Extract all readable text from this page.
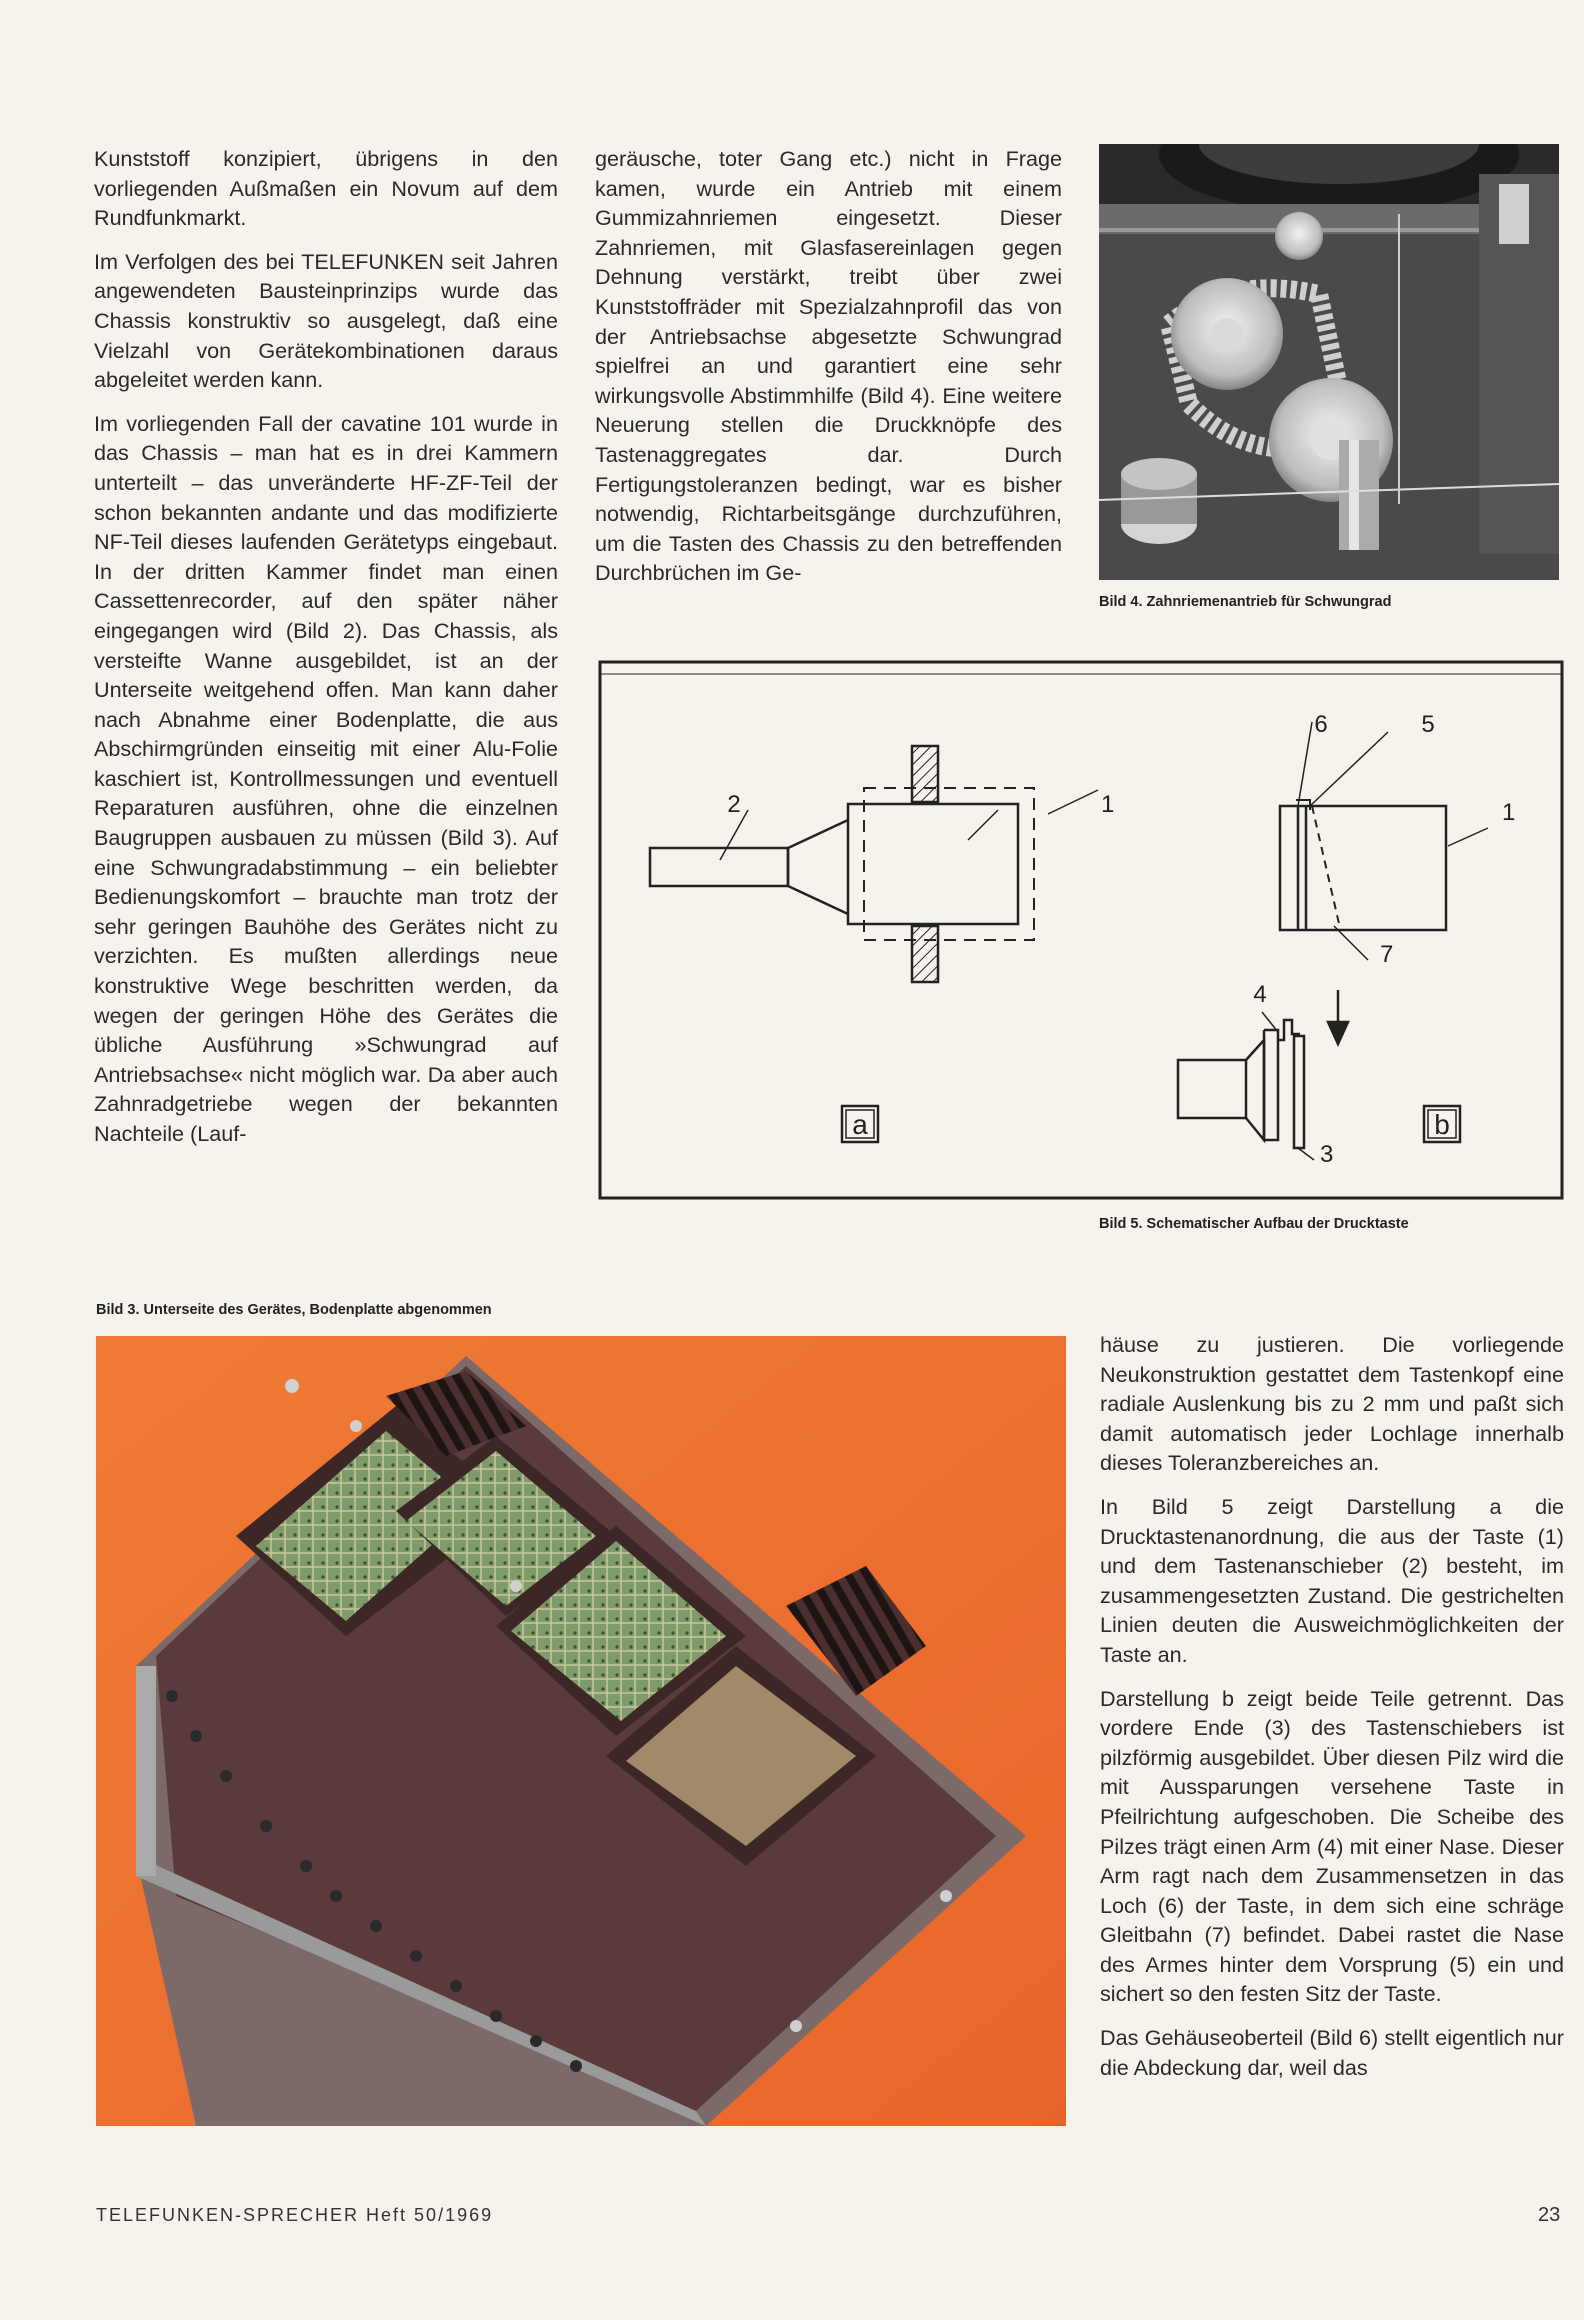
Kunststoff konzipiert, übrigens in den vorliegenden Außmaßen ein Novum auf dem Rundfunkmarkt.

Im Verfolgen des bei TELEFUNKEN seit Jahren angewendeten Bausteinprinzips wurde das Chassis konstruktiv so ausgelegt, daß eine Vielzahl von Gerätekombinationen daraus abgeleitet werden kann.

Im vorliegenden Fall der cavatine 101 wurde in das Chassis – man hat es in drei Kammern unterteilt – das unveränderte HF-ZF-Teil der schon bekannten andante und das modifizierte NF-Teil dieses laufenden Gerätetyps eingebaut. In der dritten Kammer findet man einen Cassettenrecorder, auf den später näher eingegangen wird (Bild 2). Das Chassis, als versteifte Wanne ausgebildet, ist an der Unterseite weitgehend offen. Man kann daher nach Abnahme einer Bodenplatte, die aus Abschirmgründen einseitig mit einer Alu-Folie kaschiert ist, Kontrollmessungen und eventuell Reparaturen ausführen, ohne die einzelnen Baugruppen ausbauen zu müssen (Bild 3). Auf eine Schwungradabstimmung – ein beliebter Bedienungskomfort – brauchte man trotz der sehr geringen Bauhöhe des Gerätes nicht zu verzichten. Es mußten allerdings neue konstruktive Wege beschritten werden, da wegen der geringen Höhe des Gerätes die übliche Ausführung »Schwungrad auf Antriebsachse« nicht möglich war. Da aber auch Zahnradgetriebe wegen der bekannten Nachteile (Lauf-

geräusche, toter Gang etc.) nicht in Frage kamen, wurde ein Antrieb mit einem Gummizahnriemen eingesetzt. Dieser Zahnriemen, mit Glasfasereinlagen gegen Dehnung verstärkt, treibt über zwei Kunststoffräder mit Spezialzahnprofil das von der Antriebsachse abgesetzte Schwungrad spielfrei an und garantiert eine sehr wirkungsvolle Abstimmhilfe (Bild 4). Eine weitere Neuerung stellen die Druckknöpfe des Tastenaggregates dar. Durch Fertigungstoleranzen bedingt, war es bisher notwendig, Richtarbeitsgänge durchzuführen, um die Tasten des Chassis zu den betreffenden Durchbrüchen im Ge-

Bild 4. Zahnriemenantrieb für Schwungrad
2	1
a
6	5
1
7
4
3
b
Bild 5. Schematischer Aufbau der Drucktaste
Bild 3. Unterseite des Gerätes, Bodenplatte abgenommen

häuse zu justieren. Die vorliegende Neukonstruktion gestattet dem Tastenkopf eine radiale Auslenkung bis zu 2 mm und paßt sich damit automatisch jeder Lochlage innerhalb dieses Toleranzbereiches an.

In Bild 5 zeigt Darstellung a die Drucktastenanordnung, die aus der Taste (1) und dem Tastenanschieber (2) besteht, im zusammengesetzten Zustand. Die gestrichelten Linien deuten die Ausweichmöglichkeiten der Taste an.

Darstellung b zeigt beide Teile getrennt. Das vordere Ende (3) des Tastenschiebers ist pilzförmig ausgebildet. Über diesen Pilz wird die mit Aussparungen versehene Taste in Pfeilrichtung aufgeschoben. Die Scheibe des Pilzes trägt einen Arm (4) mit einer Nase. Dieser Arm ragt nach dem Zusammensetzen in das Loch (6) der Taste, in dem sich eine schräge Gleitbahn (7) befindet. Dabei rastet die Nase des Armes hinter dem Vorsprung (5) ein und sichert so den festen Sitz der Taste.

Das Gehäuseoberteil (Bild 6) stellt eigentlich nur die Abdeckung dar, weil das

TELEFUNKEN-SPRECHER Heft 50/1969	23
